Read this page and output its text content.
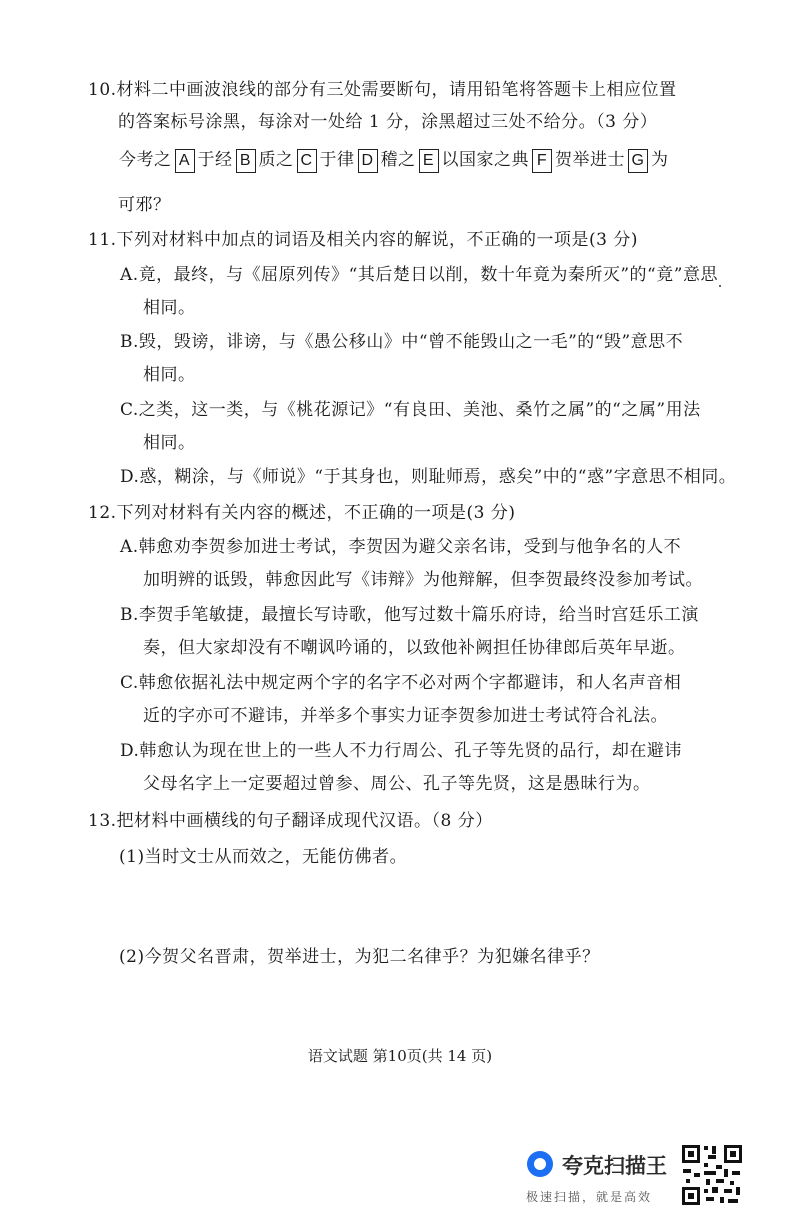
10.材料二中画波浪线的部分有三处需要断句，请用铅笔将答题卡上相应位置
的答案标号涂黑，每涂对一处给 1 分，涂黑超过三处不给分。（3 分）
今考之 A 于经 B 质之 C 于律 D 稽之 E 以国家之典 F 贺举进士 G 为
可邪？
11.下列对材料中加点的词语及相关内容的解说，不正确的一项是(3 分)
A.竟，最终，与《屈原列传》“其后楚日以削，数十年竟为秦所灭”的“竟”意思
相同。
B.毁，毁谤，诽谤，与《愚公移山》中“曾不能毁山之一毛”的“毁”意思不
相同。
C.之类，这一类，与《桃花源记》“有良田、美池、桑竹之属”的“之属”用法
相同。
D.惑，糊涂，与《师说》“于其身也，则耻师焉，惑矣”中的“惑”字意思不相同。
12.下列对材料有关内容的概述，不正确的一项是(3 分)
A.韩愈劝李贺参加进士考试，李贺因为避父亲名讳，受到与他争名的人不
加明辨的诋毁，韩愈因此写《讳辩》为他辩解，但李贺最终没参加考试。
B.李贺手笔敏捷，最擅长写诗歌，他写过数十篇乐府诗，给当时宫廷乐工演
奏，但大家却没有不嘲讽吟诵的，以致他补阙担任协律郎后英年早逝。
C.韩愈依据礼法中规定两个字的名字不必对两个字都避讳，和人名声音相
近的字亦可不避讳，并举多个事实力证李贺参加进士考试符合礼法。
D.韩愈认为现在世上的一些人不力行周公、孔子等先贤的品行，却在避讳
父母名字上一定要超过曾参、周公、孔子等先贤，这是愚昧行为。
13.把材料中画横线的句子翻译成现代汉语。（8 分）
(1)当时文士从而效之，无能仿佛者。
(2)今贺父名晋肃，贺举进士，为犯二名律乎？为犯嫌名律乎？
语文试题 第10页(共 14 页)
夸克扫描王
极速扫描，就是高效
